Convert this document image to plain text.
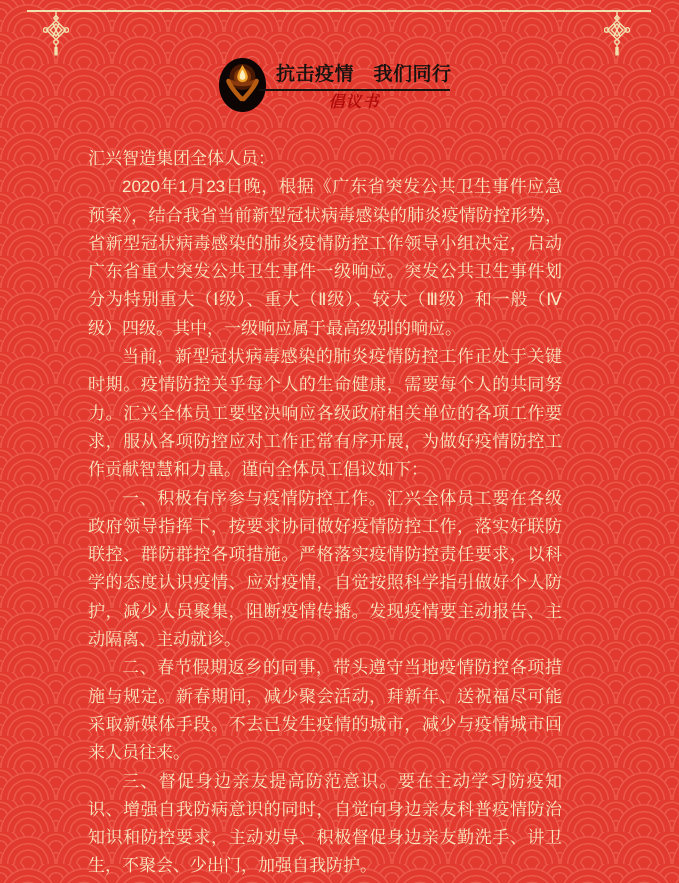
抗击疫情　我们同行

倡议书

汇兴智造集团全体人员：

2020年1月23日晚，根据《广东省突发公共卫生事件应急预案》，结合我省当前新型冠状病毒感染的肺炎疫情防控形势，省新型冠状病毒感染的肺炎疫情防控工作领导小组决定，启动广东省重大突发公共卫生事件一级响应。突发公共卫生事件划分为特别重大（Ⅰ级）、重大（Ⅱ级）、较大（Ⅲ级）和一般（Ⅳ级）四级。其中，一级响应属于最高级别的响应。

当前，新型冠状病毒感染的肺炎疫情防控工作正处于关键时期。疫情防控关乎每个人的生命健康，需要每个人的共同努力。汇兴全体员工要坚决响应各级政府相关单位的各项工作要求，服从各项防控应对工作正常有序开展，为做好疫情防控工作贡献智慧和力量。谨向全体员工倡议如下：

一、积极有序参与疫情防控工作。汇兴全体员工要在各级政府领导指挥下，按要求协同做好疫情防控工作，落实好联防联控、群防群控各项措施。严格落实疫情防控责任要求，以科学的态度认识疫情、应对疫情，自觉按照科学指引做好个人防护，减少人员聚集，阻断疫情传播。发现疫情要主动报告、主动隔离、主动就诊。

二、春节假期返乡的同事，带头遵守当地疫情防控各项措施与规定。新春期间，减少聚会活动，拜新年、送祝福尽可能采取新媒体手段。不去已发生疫情的城市，减少与疫情城市回来人员往来。

三、督促身边亲友提高防范意识。要在主动学习防疫知识、增强自我防病意识的同时，自觉向身边亲友科普疫情防治知识和防控要求，主动劝导、积极督促身边亲友勤洗手、讲卫生，不聚会、少出门，加强自我防护。
